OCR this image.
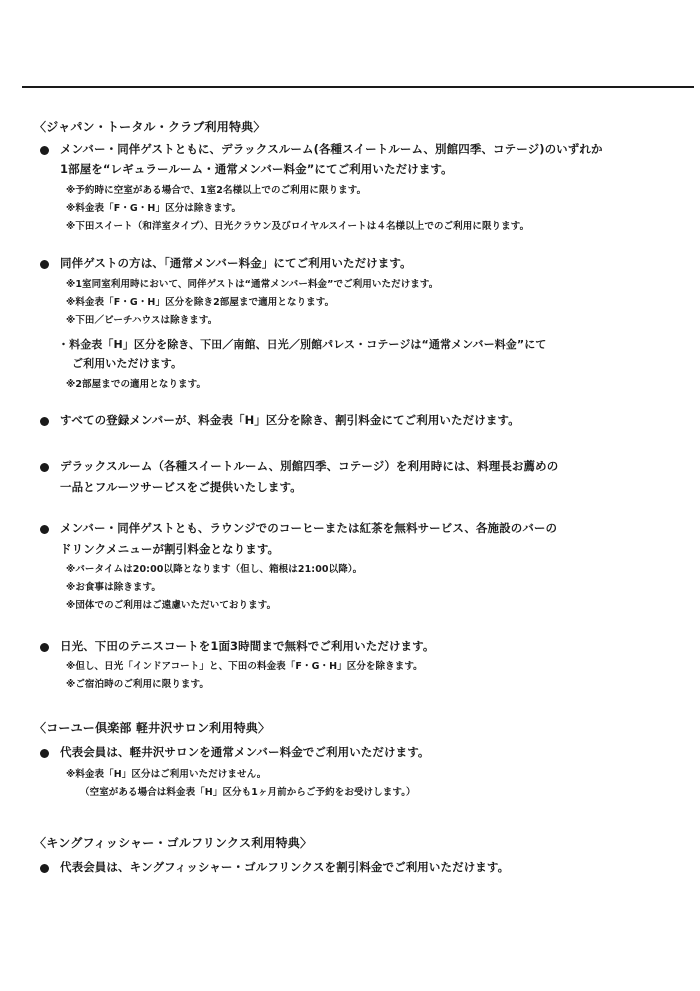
〈ジャパン・トータル・クラブ利用特典〉
メンバー・同伴ゲストともに、デラックスルーム(各種スイートルーム、別館四季、コテージ)のいずれか
1部屋を“レギュラールーム・通常メンバー料金”にてご利用いただけます。
※予約時に空室がある場合で、1室2名様以上でのご利用に限ります。
※料金表「F・G・H」区分は除きます。
※下田スイート（和洋室タイプ）、日光クラウン及びロイヤルスイートは４名様以上でのご利用に限ります。
同伴ゲストの方は、「通常メンバー料金」にてご利用いただけます。
※1室同室利用時において、同伴ゲストは“通常メンバー料金”でご利用いただけます。
※料金表「F・G・H」区分を除き2部屋まで適用となります。
※下田／ビーチハウスは除きます。
・料金表「H」区分を除き、下田／南館、日光／別館パレス・コテージは“通常メンバー料金”にて
ご利用いただけます。
※2部屋までの適用となります。
すべての登録メンバーが、料金表「H」区分を除き、割引料金にてご利用いただけます。
デラックスルーム（各種スイートルーム、別館四季、コテージ）を利用時には、料理長お薦めの
一品とフルーツサービスをご提供いたします。
メンバー・同伴ゲストとも、ラウンジでのコーヒーまたは紅茶を無料サービス、各施設のバーの
ドリンクメニューが割引料金となります。
※バータイムは20:00以降となります（但し、箱根は21:00以降）。
※お食事は除きます。
※団体でのご利用はご遠慮いただいております。
日光、下田のテニスコートを1面3時間まで無料でご利用いただけます。
※但し、日光「インドアコート」と、下田の料金表「F・G・H」区分を除きます。
※ご宿泊時のご利用に限ります。
〈コーユー倶楽部 軽井沢サロン利用特典〉
代表会員は、軽井沢サロンを通常メンバー料金でご利用いただけます。
※料金表「H」区分はご利用いただけません。
（空室がある場合は料金表「H」区分も1ヶ月前からご予約をお受けします。）
〈キングフィッシャー・ゴルフリンクス利用特典〉
代表会員は、キングフィッシャー・ゴルフリンクスを割引料金でご利用いただけます。
